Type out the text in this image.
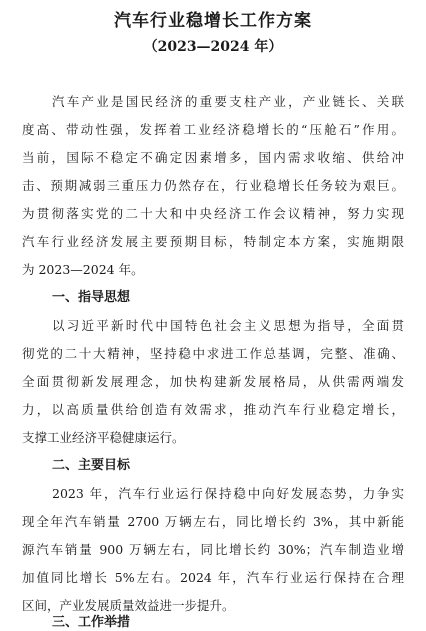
汽车行业稳增长工作方案
（2023—2024 年）
汽车产业是国民经济的重要支柱产业，产业链长、关联
度高、带动性强，发挥着工业经济稳增长的“压舱石”作用。
当前，国际不稳定不确定因素增多，国内需求收缩、供给冲
击、预期减弱三重压力仍然存在，行业稳增长任务较为艰巨。
为贯彻落实党的二十大和中央经济工作会议精神，努力实现
汽车行业经济发展主要预期目标，特制定本方案，实施期限
为 2023—2024 年。
一、指导思想
以习近平新时代中国特色社会主义思想为指导，全面贯
彻党的二十大精神，坚持稳中求进工作总基调，完整、准确、
全面贯彻新发展理念，加快构建新发展格局，从供需两端发
力，以高质量供给创造有效需求，推动汽车行业稳定增长，
支撑工业经济平稳健康运行。
二、主要目标
2023 年，汽车行业运行保持稳中向好发展态势，力争实
现全年汽车销量 2700 万辆左右，同比增长约 3%，其中新能
源汽车销量 900 万辆左右，同比增长约 30%；汽车制造业增
加值同比增长 5%左右。2024 年，汽车行业运行保持在合理
区间，产业发展质量效益进一步提升。
三、工作举措
